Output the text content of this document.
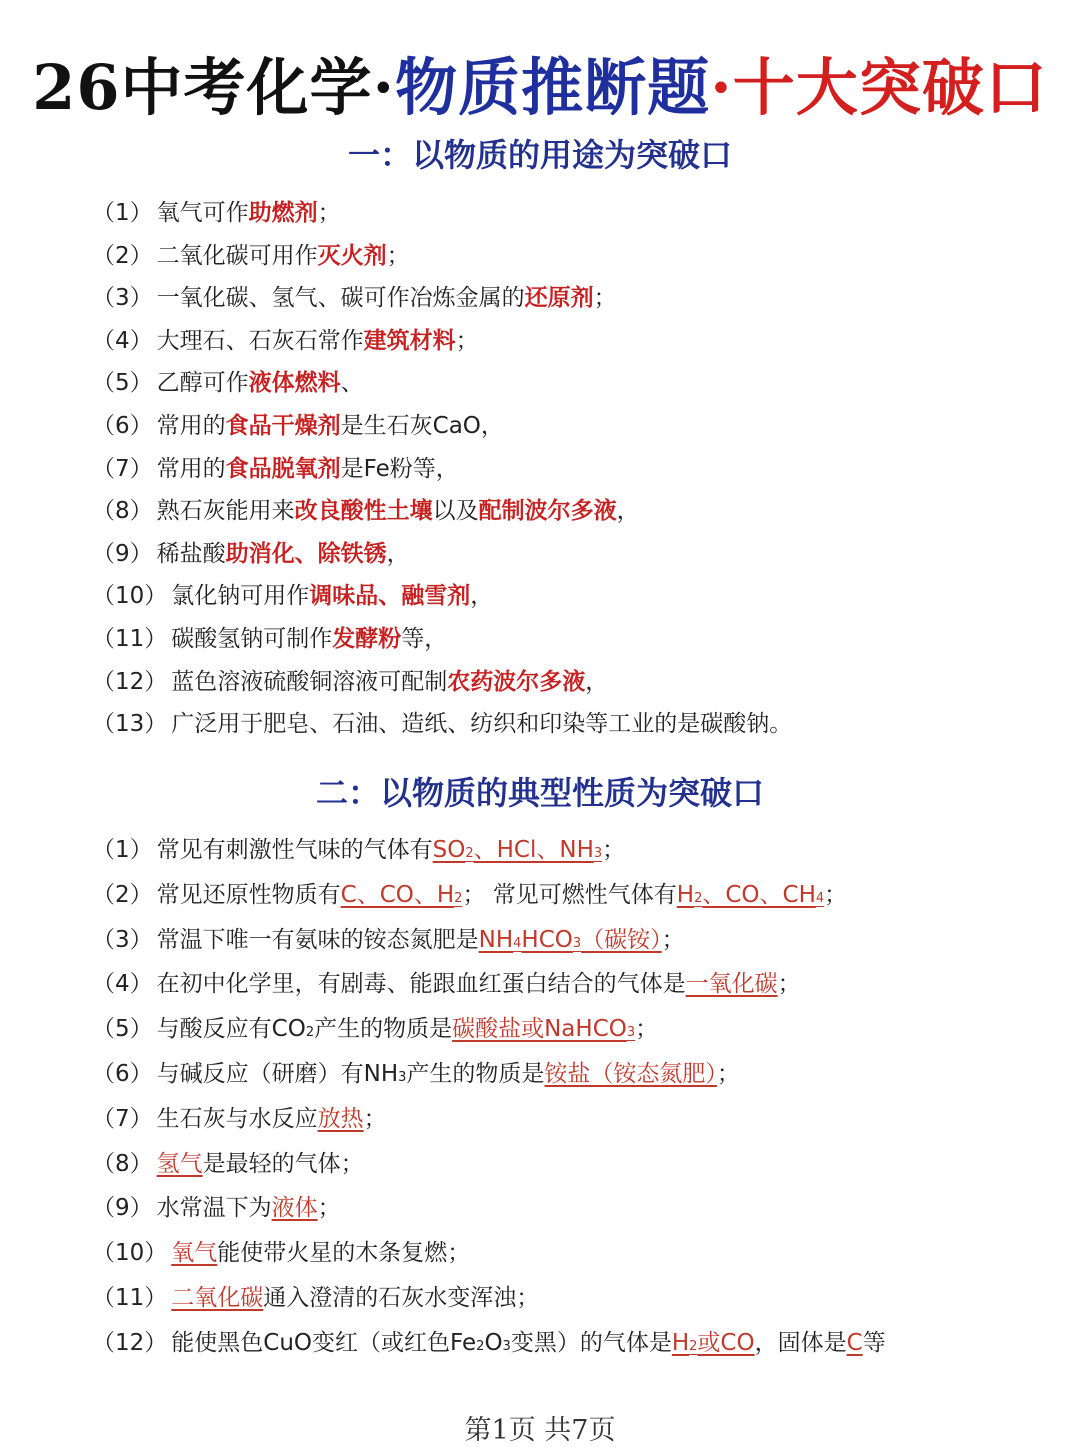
26中考化学·物质推断题·十大突破口
一：以物质的用途为突破口
（1） 氧气可作助燃剂；
（2） 二氧化碳可用作灭火剂；
（3） 一氧化碳、氢气、碳可作冶炼金属的还原剂；
（4） 大理石、石灰石常作建筑材料；
（5） 乙醇可作液体燃料、
（6） 常用的食品干燥剂是生石灰CaO，
（7） 常用的食品脱氧剂是Fe粉等，
（8） 熟石灰能用来改良酸性土壤以及配制波尔多液，
（9） 稀盐酸助消化、除铁锈，
（10） 氯化钠可用作调味品、融雪剂，
（11） 碳酸氢钠可制作发酵粉等，
（12） 蓝色溶液硫酸铜溶液可配制农药波尔多液，
（13） 广泛用于肥皂、石油、造纸、纺织和印染等工业的是碳酸钠。
二：以物质的典型性质为突破口
（1） 常见有刺激性气味的气体有SO2、HCl、NH3；
（2） 常见还原性物质有C、CO、H2； 常见可燃性气体有H2、CO、CH4；
（3） 常温下唯一有氨味的铵态氮肥是NH4HCO3（碳铵）；
（4） 在初中化学里，有剧毒、能跟血红蛋白结合的气体是一氧化碳；
（5） 与酸反应有CO2产生的物质是碳酸盐或NaHCO3；
（6） 与碱反应（研磨）有NH3产生的物质是铵盐（铵态氮肥）；
（7） 生石灰与水反应放热；
（8） 氢气是最轻的气体；
（9） 水常温下为液体；
（10） 氧气能使带火星的木条复燃；
（11） 二氧化碳通入澄清的石灰水变浑浊；
（12） 能使黑色CuO变红（或红色Fe2O3变黑）的气体是H2或CO，固体是C等
第1页 共7页
